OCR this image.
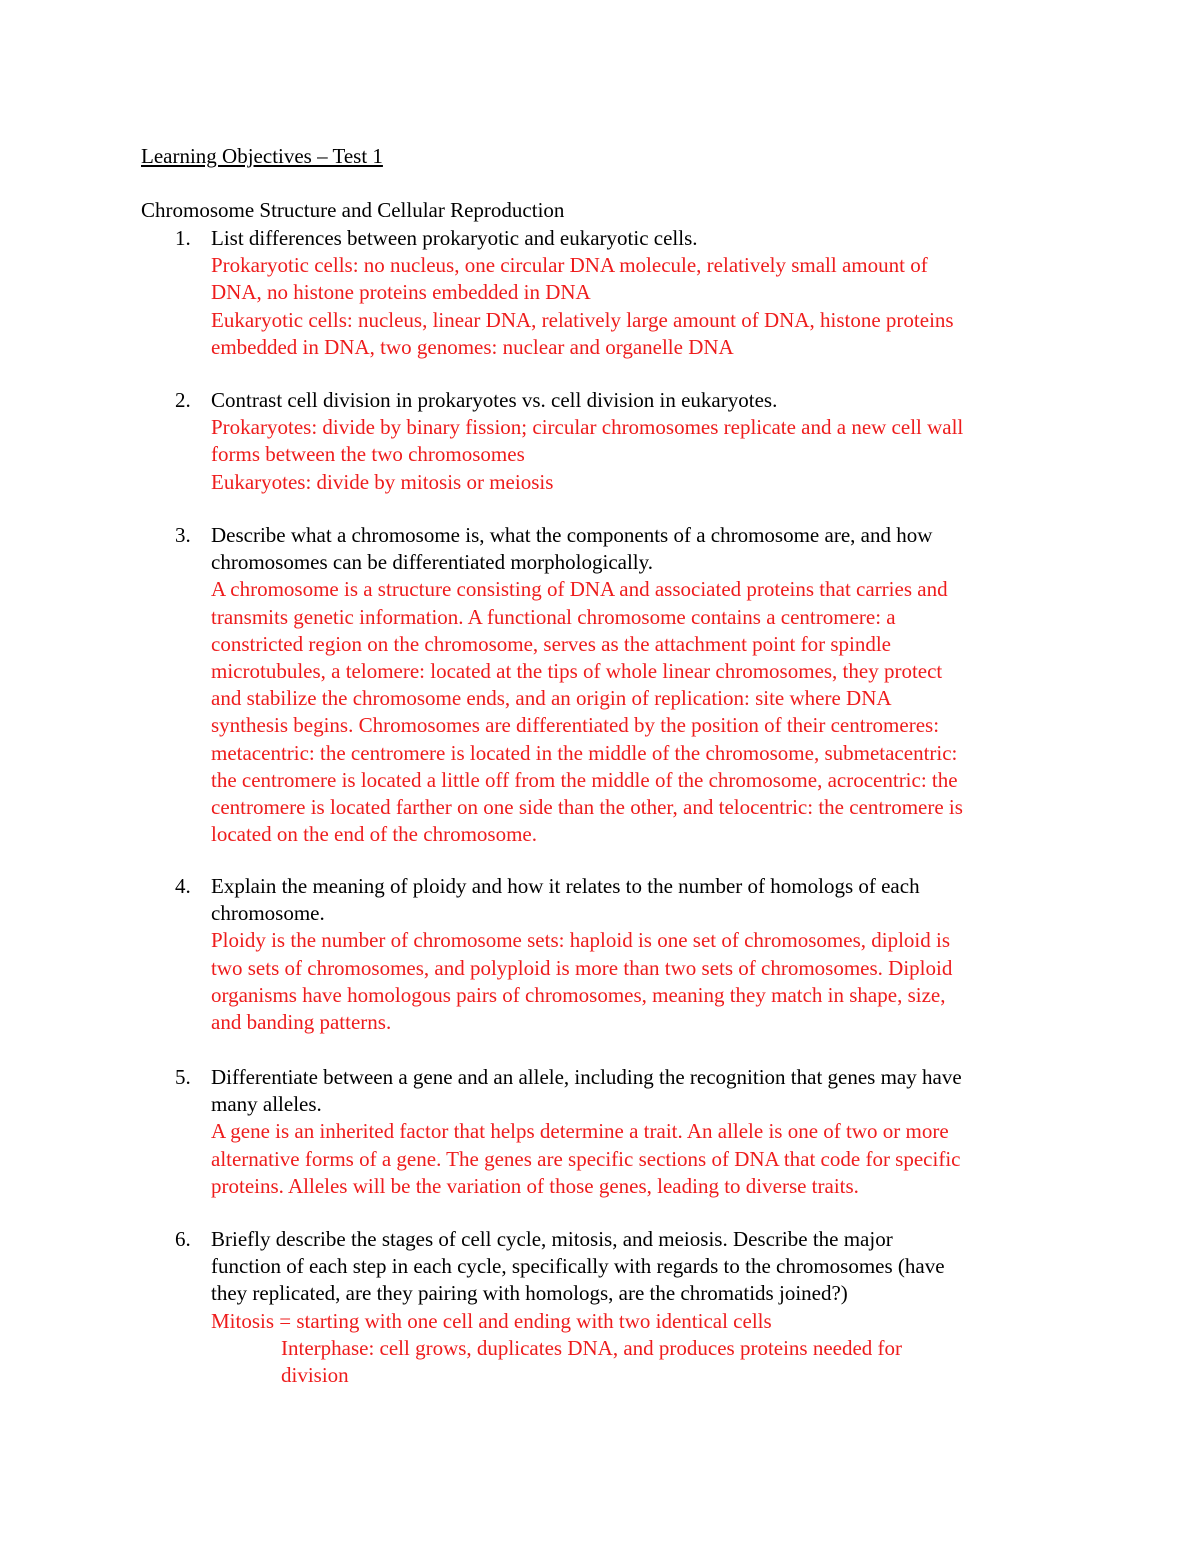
Learning Objectives – Test 1
Chromosome Structure and Cellular Reproduction
1. List differences between prokaryotic and eukaryotic cells.
Prokaryotic cells: no nucleus, one circular DNA molecule, relatively small amount of
DNA, no histone proteins embedded in DNA
Eukaryotic cells: nucleus, linear DNA, relatively large amount of DNA, histone proteins
embedded in DNA, two genomes: nuclear and organelle DNA
2. Contrast cell division in prokaryotes vs. cell division in eukaryotes.
Prokaryotes: divide by binary fission; circular chromosomes replicate and a new cell wall
forms between the two chromosomes
Eukaryotes: divide by mitosis or meiosis
3. Describe what a chromosome is, what the components of a chromosome are, and how
chromosomes can be differentiated morphologically.
A chromosome is a structure consisting of DNA and associated proteins that carries and
transmits genetic information. A functional chromosome contains a centromere: a
constricted region on the chromosome, serves as the attachment point for spindle
microtubules, a telomere: located at the tips of whole linear chromosomes, they protect
and stabilize the chromosome ends, and an origin of replication: site where DNA
synthesis begins. Chromosomes are differentiated by the position of their centromeres:
metacentric: the centromere is located in the middle of the chromosome, submetacentric:
the centromere is located a little off from the middle of the chromosome, acrocentric: the
centromere is located farther on one side than the other, and telocentric: the centromere is
located on the end of the chromosome.
4. Explain the meaning of ploidy and how it relates to the number of homologs of each
chromosome.
Ploidy is the number of chromosome sets: haploid is one set of chromosomes, diploid is
two sets of chromosomes, and polyploid is more than two sets of chromosomes. Diploid
organisms have homologous pairs of chromosomes, meaning they match in shape, size,
and banding patterns.
5. Differentiate between a gene and an allele, including the recognition that genes may have
many alleles.
A gene is an inherited factor that helps determine a trait. An allele is one of two or more
alternative forms of a gene. The genes are specific sections of DNA that code for specific
proteins. Alleles will be the variation of those genes, leading to diverse traits.
6. Briefly describe the stages of cell cycle, mitosis, and meiosis. Describe the major
function of each step in each cycle, specifically with regards to the chromosomes (have
they replicated, are they pairing with homologs, are the chromatids joined?)
Mitosis = starting with one cell and ending with two identical cells
Interphase: cell grows, duplicates DNA, and produces proteins needed for
division
